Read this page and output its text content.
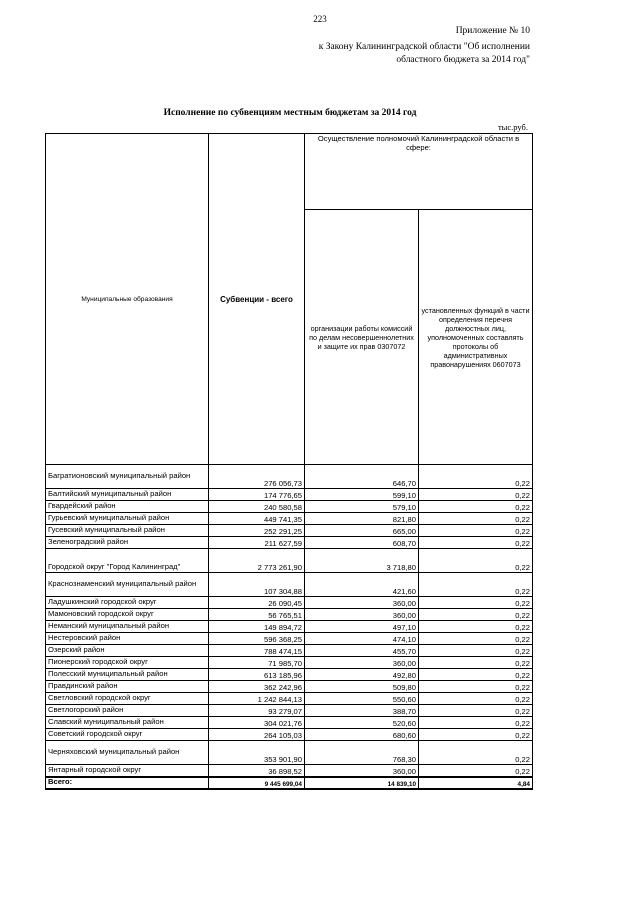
223
Приложение № 10
к Закону Калининградской области "Об исполнении
областного бюджета за 2014 год"
Исполнение по субвенциям местным бюджетам за 2014 год
тыс.руб.
Муниципальные образования	Субвенции - всего	Осуществление полномочий Калининградской области в сфере:	
		организации работы комиссий по делам несовершеннолетних и защите их прав 0307072	установленных функций в части определения перечня должностных лиц, уполномоченных составлять протоколы об административных правонарушениях 0607073
Багратионовский муниципальный район	276 056,73	646,70	0,22
Балтийский муниципальный район	174 776,65	599,10	0,22
Гвардейский район	240 580,58	579,10	0,22
Гурьевский муниципальный район	449 741,35	821,80	0,22
Гусевский муниципальный район	252 291,25	665,00	0,22
Зеленоградский район	211 627,59	608,70	0,22
Городской округ "Город Калининград"	2 773 261,90	3 718,80	0,22
Краснознаменский муниципальный район	107 304,88	421,60	0,22
Ладушкинский городской округ	26 090,45	360,00	0,22
Мамоновский городской округ	56 765,51	360,00	0,22
Неманский муниципальный район	149 894,72	497,10	0,22
Нестеровский район	596 368,25	474,10	0,22
Озерский район	788 474,15	455,70	0,22
Пионерский городской округ	71 985,70	360,00	0,22
Полесский муниципальный район	613 185,96	492,80	0,22
Правдинский район	362 242,96	509,80	0,22
Светловский городской округ	1 242 844,13	550,60	0,22
Светлогорский район	93 279,07	388,70	0,22
Славский муниципальный район	304 021,76	520,60	0,22
Советский городской округ	264 105,03	680,60	0,22
Черняховский муниципальный район	353 901,90	768,30	0,22
Янтарный городской округ	36 898,52	360,00	0,22
Всего:	9 445 699,04	14 839,10	4,84
